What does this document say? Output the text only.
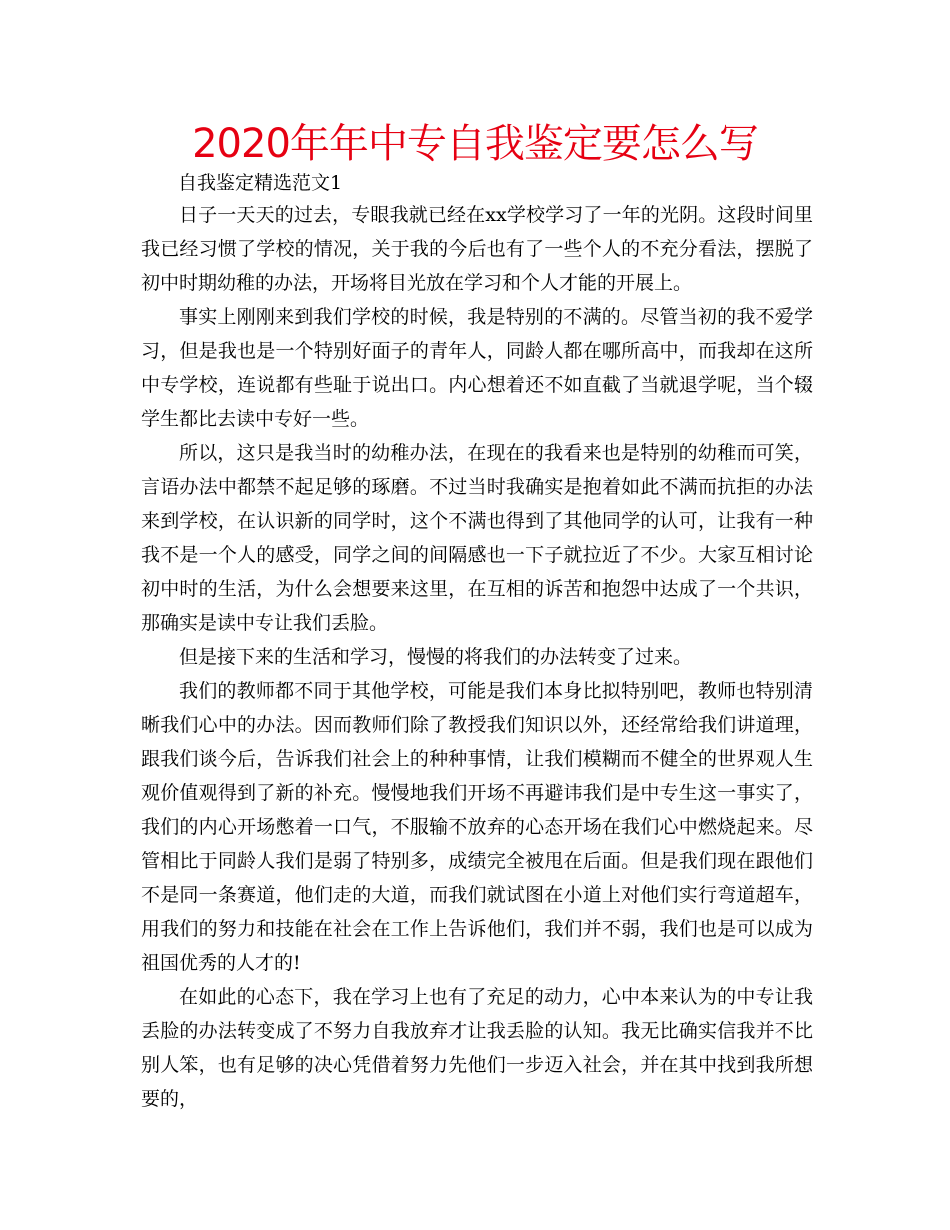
2020年年中专自我鉴定要怎么写
自我鉴定精选范文1

日子一天天的过去，专眼我就已经在xx学校学习了一年的光阴。这段时间里我已经习惯了学校的情况，关于我的今后也有了一些个人的不充分看法，摆脱了初中时期幼稚的办法，开场将目光放在学习和个人才能的开展上。

事实上刚刚来到我们学校的时候，我是特别的不满的。尽管当初的我不爱学习，但是我也是一个特别好面子的青年人，同龄人都在哪所高中，而我却在这所中专学校，连说都有些耻于说出口。内心想着还不如直截了当就退学呢，当个辍学生都比去读中专好一些。

所以，这只是我当时的幼稚办法，在现在的我看来也是特别的幼稚而可笑，言语办法中都禁不起足够的琢磨。不过当时我确实是抱着如此不满而抗拒的办法来到学校，在认识新的同学时，这个不满也得到了其他同学的认可，让我有一种我不是一个人的感受，同学之间的间隔感也一下子就拉近了不少。大家互相讨论初中时的生活，为什么会想要来这里，在互相的诉苦和抱怨中达成了一个共识，那确实是读中专让我们丢脸。

但是接下来的生活和学习，慢慢的将我们的办法转变了过来。

我们的教师都不同于其他学校，可能是我们本身比拟特别吧，教师也特别清晰我们心中的办法。因而教师们除了教授我们知识以外，还经常给我们讲道理，跟我们谈今后，告诉我们社会上的种种事情，让我们模糊而不健全的世界观人生观价值观得到了新的补充。慢慢地我们开场不再避讳我们是中专生这一事实了，我们的内心开场憋着一口气，不服输不放弃的心态开场在我们心中燃烧起来。尽管相比于同龄人我们是弱了特别多，成绩完全被甩在后面。但是我们现在跟他们不是同一条赛道，他们走的大道，而我们就试图在小道上对他们实行弯道超车，用我们的努力和技能在社会在工作上告诉他们，我们并不弱，我们也是可以成为祖国优秀的人才的!

在如此的心态下，我在学习上也有了充足的动力，心中本来认为的中专让我丢脸的办法转变成了不努力自我放弃才让我丢脸的认知。我无比确实信我并不比别人笨，也有足够的决心凭借着努力先他们一步迈入社会，并在其中找到我所想要的，
